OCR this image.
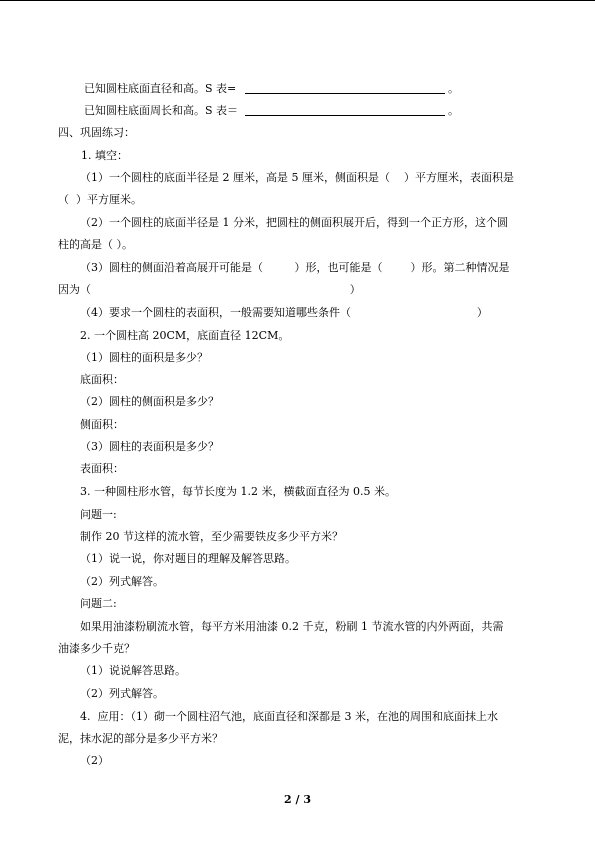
已知圆柱底面直径和高。S 表=	。
已知圆柱底面周长和高。S 表＝	。
四、巩固练习：
1. 填空：
（1）一个圆柱的底面半径是 2 厘米，高是 5 厘米，侧面积是（    ）平方厘米，表面积是
（  ）平方厘米。
（2）一个圆柱的底面半径是 1 分米，把圆柱的侧面积展开后，得到一个正方形，这个圆
柱的高是（ ）。
（3）圆柱的侧面沿着高展开可能是（         ）形，也可能是（        ）形。第二种情况是
因为（                                                                          ）
（4）要求一个圆柱的表面积，一般需要知道哪些条件（                                    ）
2. 一个圆柱高 20CM，底面直径 12CM。
（1）圆柱的面积是多少？
底面积：
（2）圆柱的侧面积是多少？
侧面积：
（3）圆柱的表面积是多少？
表面积：
3. 一种圆柱形水管，每节长度为 1.2 米，横截面直径为 0.5 米。
问题一:
制作 20 节这样的流水管，至少需要铁皮多少平方米？
（1）说一说，你对题目的理解及解答思路。
（2）列式解答。
问题二:
如果用油漆粉刷流水管，每平方米用油漆 0.2 千克，粉刷 1 节流水管的内外两面，共需
油漆多少千克？
（1）说说解答思路。
（2）列式解答。
4.  应用：（1）砌一个圆柱沼气池，底面直径和深都是 3 米，在池的周围和底面抹上水
泥，抹水泥的部分是多少平方米？
（2）
2 / 3
